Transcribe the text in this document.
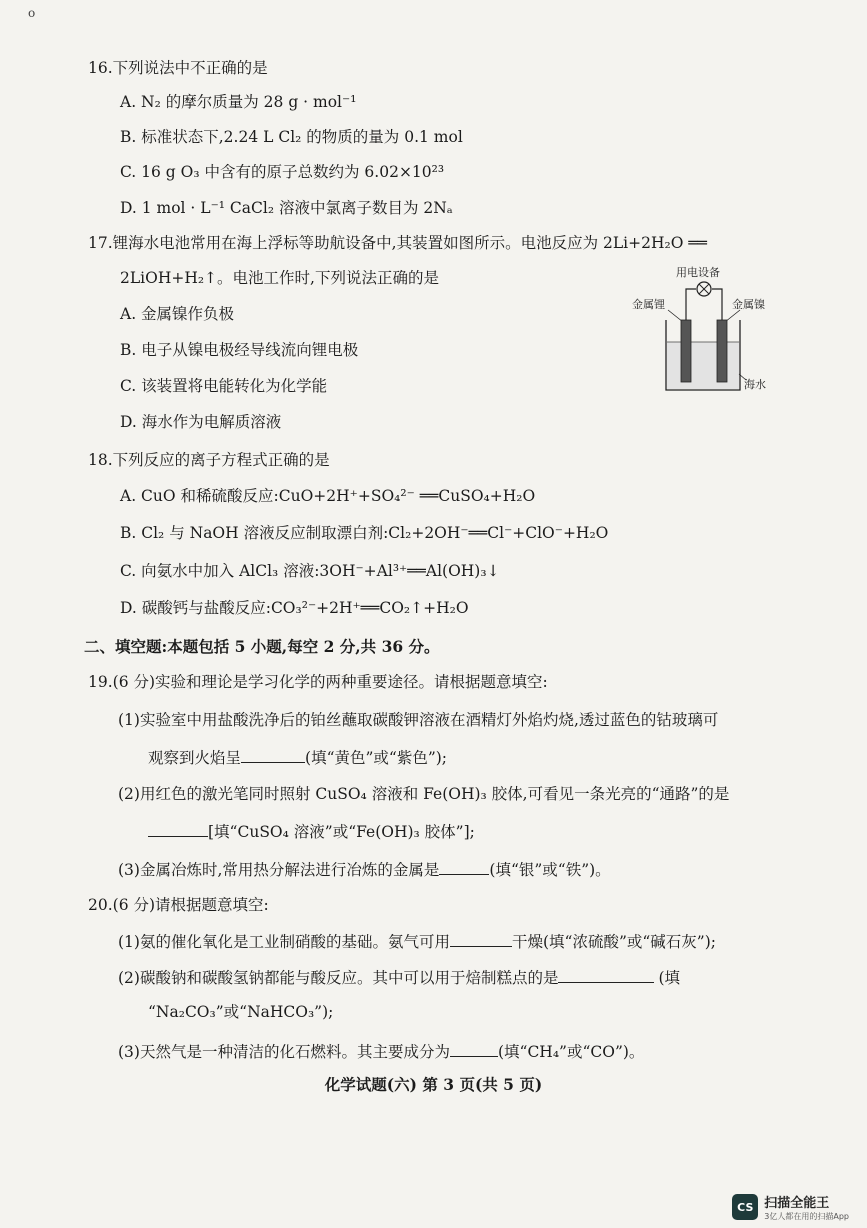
o
16.下列说法中不正确的是
A. N₂ 的摩尔质量为 28 g · mol⁻¹
B. 标准状态下,2.24 L Cl₂ 的物质的量为 0.1 mol
C. 16 g O₃ 中含有的原子总数约为 6.02×10²³
D. 1 mol · L⁻¹ CaCl₂ 溶液中氯离子数目为 2Nₐ
17.锂海水电池常用在海上浮标等助航设备中,其装置如图所示。电池反应为 2Li+2H₂O ══
2LiOH+H₂↑。电池工作时,下列说法正确的是
A. 金属镍作负极
B. 电子从镍电极经导线流向锂电极
C. 该装置将电能转化为化学能
D. 海水作为电解质溶液
用电设备
金属锂	金属镍
海水
18.下列反应的离子方程式正确的是
A. CuO 和稀硫酸反应:CuO+2H⁺+SO₄²⁻ ══CuSO₄+H₂O
B. Cl₂ 与 NaOH 溶液反应制取漂白剂:Cl₂+2OH⁻══Cl⁻+ClO⁻+H₂O
C. 向氨水中加入 AlCl₃ 溶液:3OH⁻+Al³⁺══Al(OH)₃↓
D. 碳酸钙与盐酸反应:CO₃²⁻+2H⁺══CO₂↑+H₂O
二、填空题:本题包括 5 小题,每空 2 分,共 36 分。
19.(6 分)实验和理论是学习化学的两种重要途径。请根据题意填空:
(1)实验室中用盐酸洗净后的铂丝蘸取碳酸钾溶液在酒精灯外焰灼烧,透过蓝色的钴玻璃可
观察到火焰呈	(填“黄色”或“紫色”);
(2)用红色的激光笔同时照射 CuSO₄ 溶液和 Fe(OH)₃ 胶体,可看见一条光亮的“通路”的是
[填“CuSO₄ 溶液”或“Fe(OH)₃ 胶体”];
(3)金属冶炼时,常用热分解法进行冶炼的金属是	(填“银”或“铁”)。
20.(6 分)请根据题意填空:
(1)氨的催化氧化是工业制硝酸的基础。氨气可用	干燥(填“浓硫酸”或“碱石灰”);
(2)碳酸钠和碳酸氢钠都能与酸反应。其中可以用于焙制糕点的是	(填
“Na₂CO₃”或“NaHCO₃”);
(3)天然气是一种清洁的化石燃料。其主要成分为	(填“CH₄”或“CO”)。
化学试题(六) 第 3 页(共 5 页)
CS 扫描全能王
3亿人都在用的扫描App
